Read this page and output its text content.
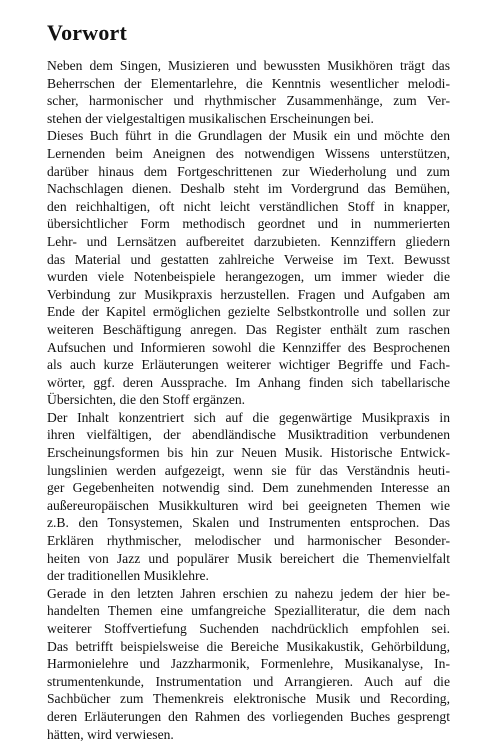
Vorwort
Neben dem Singen, Musizieren und bewussten Musikhören trägt das
Beherrschen der Elementarlehre, die Kenntnis wesentlicher melodi-
scher, harmonischer und rhythmischer Zusammenhänge, zum Ver-
stehen der vielgestaltigen musikalischen Erscheinungen bei.
Dieses Buch führt in die Grundlagen der Musik ein und möchte den
Lernenden beim Aneignen des notwendigen Wissens unterstützen,
darüber hinaus dem Fortgeschrittenen zur Wiederholung und zum
Nachschlagen dienen. Deshalb steht im Vordergrund das Bemühen,
den reichhaltigen, oft nicht leicht verständlichen Stoff in knapper,
übersichtlicher Form methodisch geordnet und in nummerierten
Lehr- und Lernsätzen aufbereitet darzubieten. Kennziffern gliedern
das Material und gestatten zahlreiche Verweise im Text. Bewusst
wurden viele Notenbeispiele herangezogen, um immer wieder die
Verbindung zur Musikpraxis herzustellen. Fragen und Aufgaben am
Ende der Kapitel ermöglichen gezielte Selbstkontrolle und sollen zur
weiteren Beschäftigung anregen. Das Register enthält zum raschen
Aufsuchen und Informieren sowohl die Kennziffer des Besprochenen
als auch kurze Erläuterungen weiterer wichtiger Begriffe und Fach-
wörter, ggf. deren Aussprache. Im Anhang finden sich tabellarische
Übersichten, die den Stoff ergänzen.
Der Inhalt konzentriert sich auf die gegenwärtige Musikpraxis in
ihren vielfältigen, der abendländische Musiktradition verbundenen
Erscheinungsformen bis hin zur Neuen Musik. Historische Entwick-
lungslinien werden aufgezeigt, wenn sie für das Verständnis heuti-
ger Gegebenheiten notwendig sind. Dem zunehmenden Interesse an
außereuropäischen Musikkulturen wird bei geeigneten Themen wie
z.B. den Tonsystemen, Skalen und Instrumenten entsprochen. Das
Erklären rhythmischer, melodischer und harmonischer Besonder-
heiten von Jazz und populärer Musik bereichert die Themenvielfalt
der traditionellen Musiklehre.
Gerade in den letzten Jahren erschien zu nahezu jedem der hier be-
handelten Themen eine umfangreiche Spezialliteratur, die dem nach
weiterer Stoffvertiefung Suchenden nachdrücklich empfohlen sei.
Das betrifft beispielsweise die Bereiche Musikakustik, Gehörbildung,
Harmonielehre und Jazzharmonik, Formenlehre, Musikanalyse, In-
strumentenkunde, Instrumentation und Arrangieren. Auch auf die
Sachbücher zum Themenkreis elektronische Musik und Recording,
deren Erläuterungen den Rahmen des vorliegenden Buches gesprengt
hätten, wird verwiesen.
